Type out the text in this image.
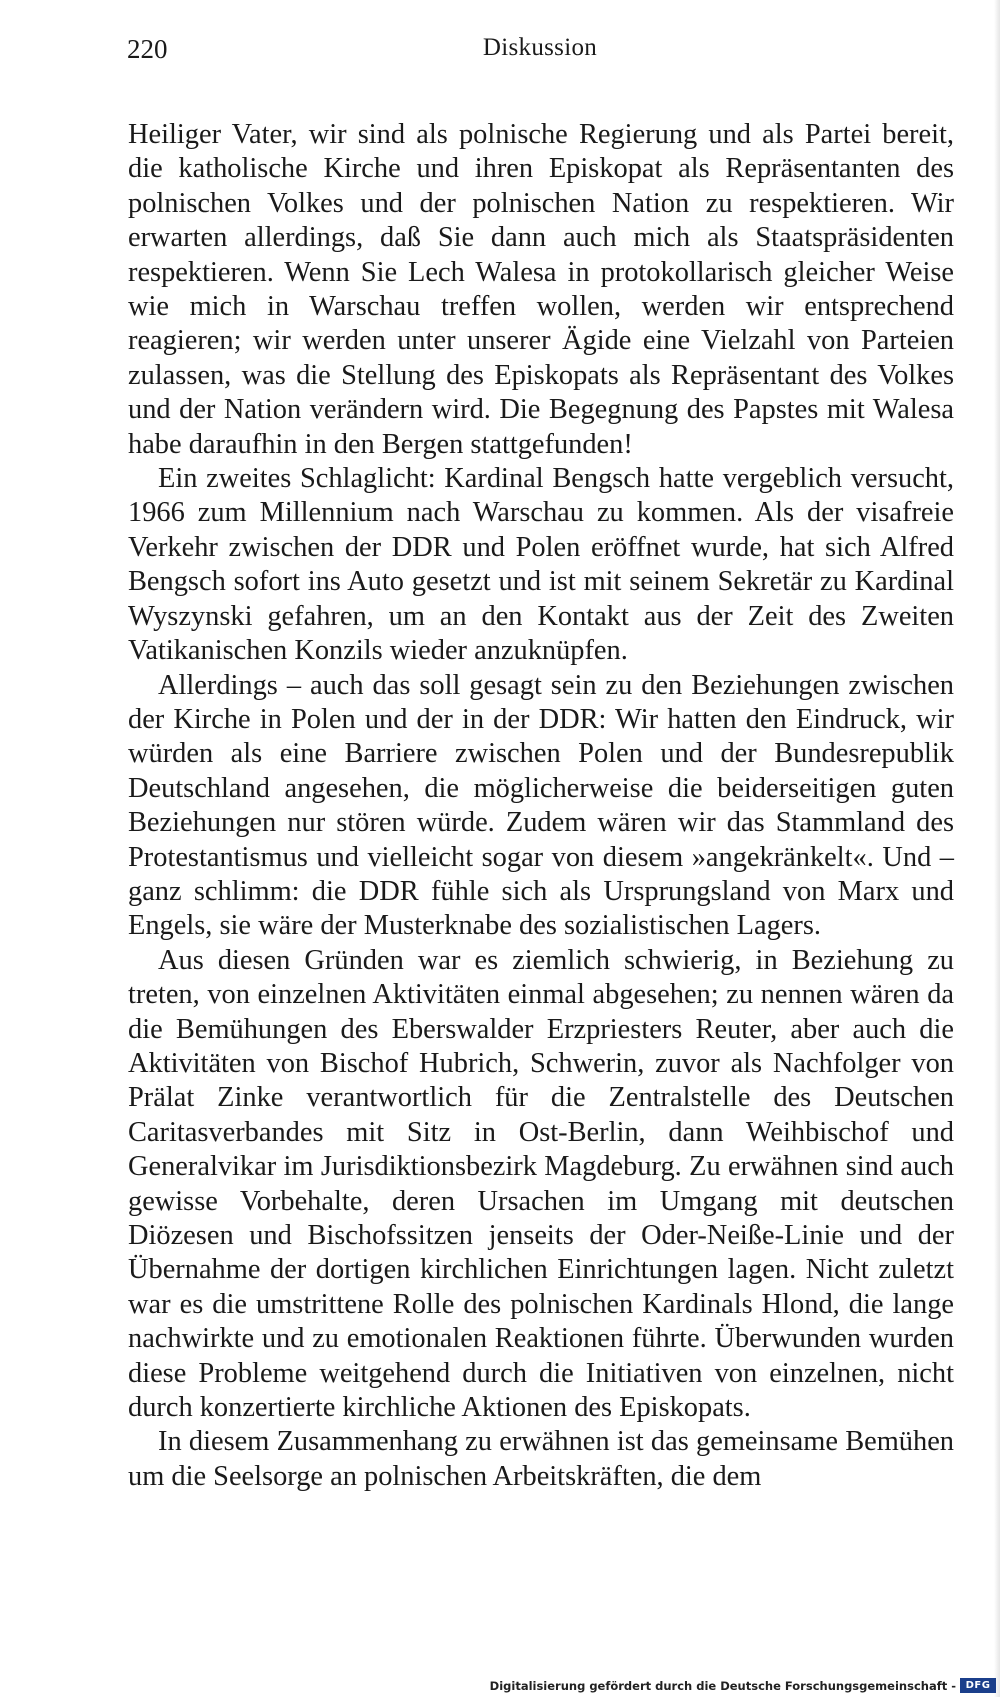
220	Diskussion

Heiliger Vater, wir sind als polnische Regierung und als Partei bereit, die katholische Kirche und ihren Episkopat als Repräsentanten des polnischen Volkes und der polnischen Nation zu respektieren. Wir erwarten allerdings, daß Sie dann auch mich als Staatspräsidenten respektieren. Wenn Sie Lech Walesa in protokollarisch gleicher Weise wie mich in Warschau treffen wollen, werden wir entsprechend reagieren; wir werden unter unserer Ägide eine Vielzahl von Parteien zulassen, was die Stellung des Episkopats als Repräsentant des Volkes und der Nation verändern wird. Die Begegnung des Papstes mit Walesa habe daraufhin in den Bergen stattgefunden!

Ein zweites Schlaglicht: Kardinal Bengsch hatte vergeblich versucht, 1966 zum Millennium nach Warschau zu kommen. Als der visafreie Verkehr zwischen der DDR und Polen eröffnet wurde, hat sich Alfred Bengsch sofort ins Auto gesetzt und ist mit seinem Sekretär zu Kardinal Wyszynski gefahren, um an den Kontakt aus der Zeit des Zweiten Vatikanischen Konzils wieder anzuknüpfen.

Allerdings – auch das soll gesagt sein zu den Beziehungen zwischen der Kirche in Polen und der in der DDR: Wir hatten den Eindruck, wir würden als eine Barriere zwischen Polen und der Bundesrepublik Deutschland angesehen, die möglicherweise die beiderseitigen guten Beziehungen nur stören würde. Zudem wären wir das Stammland des Protestantismus und vielleicht sogar von diesem »angekränkelt«. Und – ganz schlimm: die DDR fühle sich als Ursprungsland von Marx und Engels, sie wäre der Musterknabe des sozialistischen Lagers.

Aus diesen Gründen war es ziemlich schwierig, in Beziehung zu treten, von einzelnen Aktivitäten einmal abgesehen; zu nennen wären da die Bemühungen des Eberswalder Erzpriesters Reuter, aber auch die Aktivitäten von Bischof Hubrich, Schwerin, zuvor als Nachfolger von Prälat Zinke verantwortlich für die Zentralstelle des Deutschen Caritasverbandes mit Sitz in Ost-Berlin, dann Weihbischof und Generalvikar im Jurisdiktionsbezirk Magdeburg. Zu erwähnen sind auch gewisse Vorbehalte, deren Ursachen im Umgang mit deutschen Diözesen und Bischofssitzen jenseits der Oder-Neiße-Linie und der Übernahme der dortigen kirchlichen Einrichtungen lagen. Nicht zuletzt war es die umstrittene Rolle des polnischen Kardinals Hlond, die lange nachwirkte und zu emotionalen Reaktionen führte. Überwunden wurden diese Probleme weitgehend durch die Initiativen von einzelnen, nicht durch konzertierte kirchliche Aktionen des Episkopats.

In diesem Zusammenhang zu erwähnen ist das gemeinsame Bemühen um die Seelsorge an polnischen Arbeitskräften, die dem

Digitalisierung gefördert durch die Deutsche Forschungsgemeinschaft - DFG
